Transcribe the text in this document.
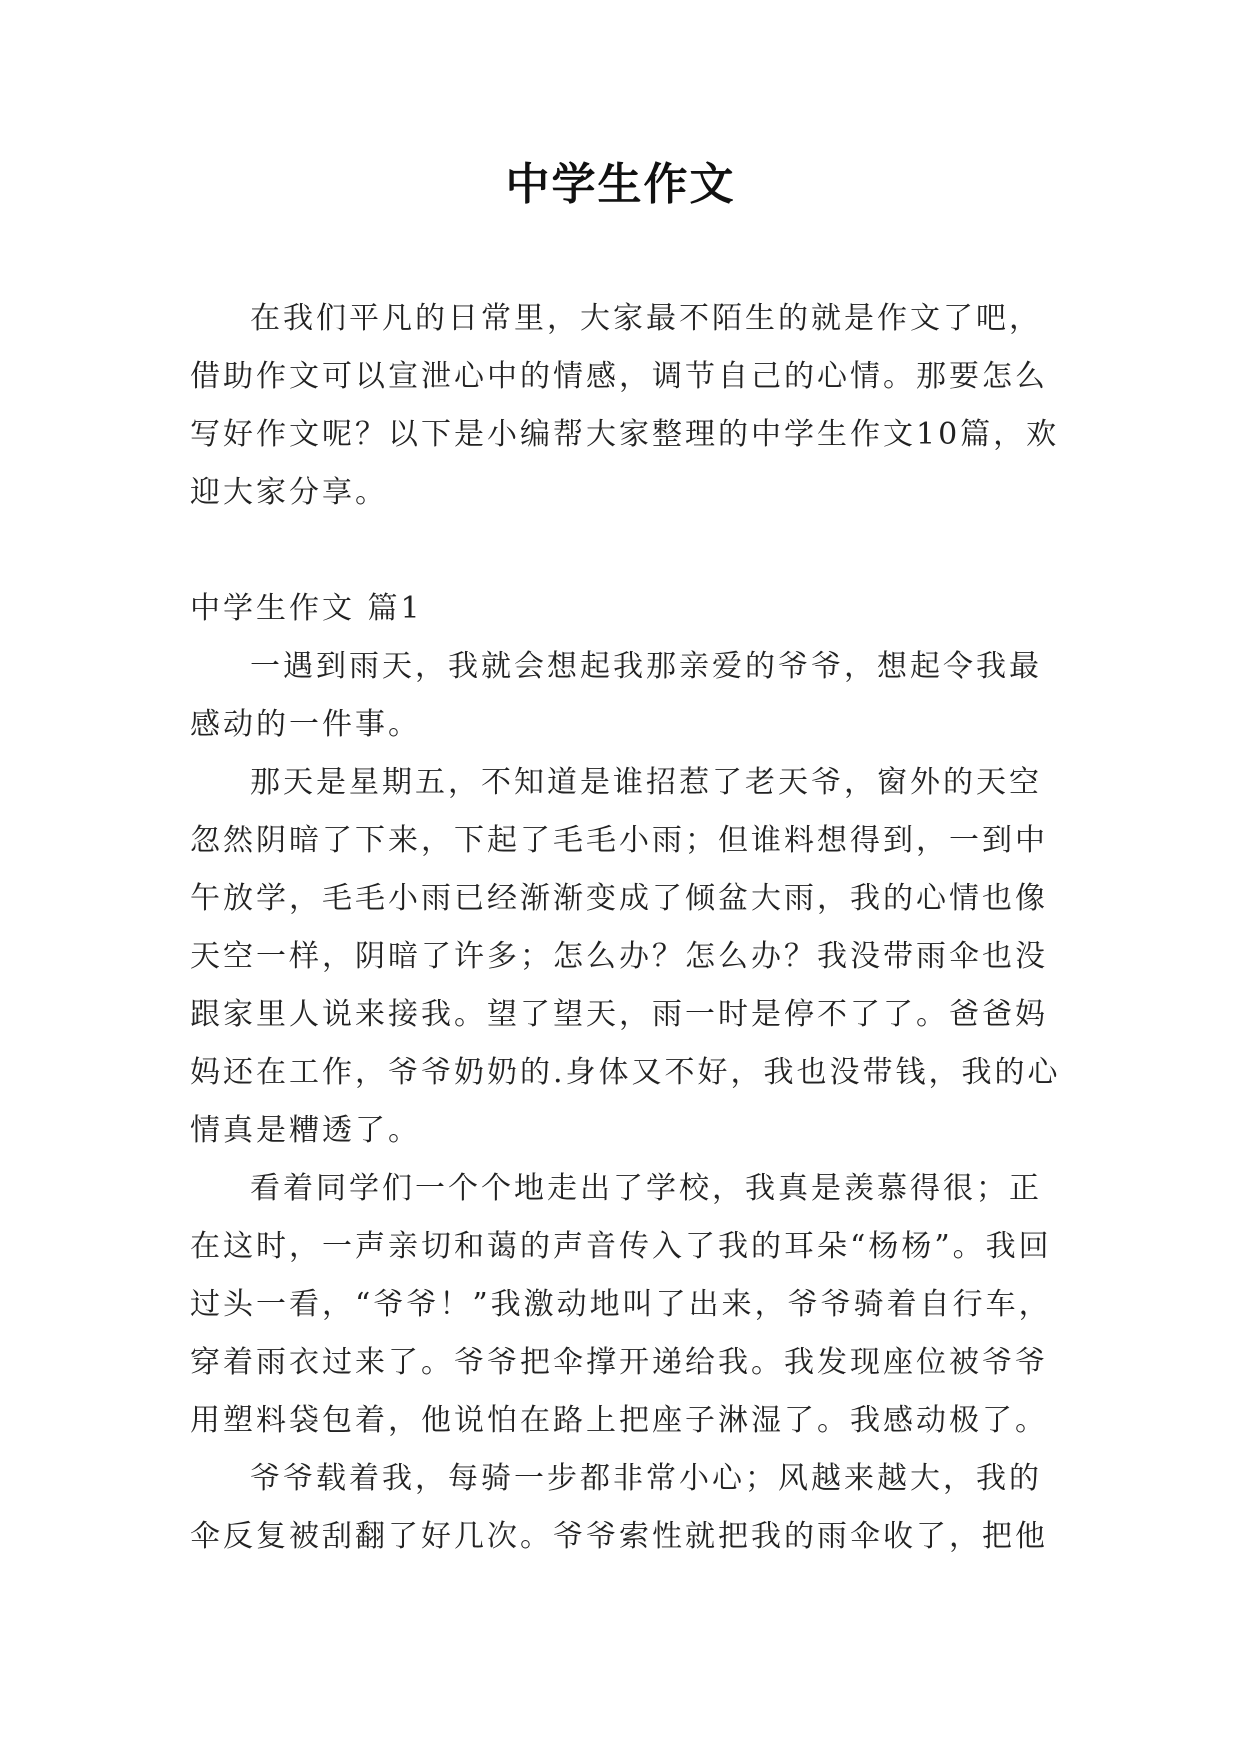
中学生作文

在我们平凡的日常里，大家最不陌生的就是作文了吧，借助作文可以宣泄心中的情感，调节自己的心情。那要怎么写好作文呢？以下是小编帮大家整理的中学生作文10篇，欢迎大家分享。

中学生作文 篇1

一遇到雨天，我就会想起我那亲爱的爷爷，想起令我最感动的一件事。

那天是星期五，不知道是谁招惹了老天爷，窗外的天空忽然阴暗了下来，下起了毛毛小雨；但谁料想得到，一到中午放学，毛毛小雨已经渐渐变成了倾盆大雨，我的心情也像天空一样，阴暗了许多；怎么办？怎么办？我没带雨伞也没跟家里人说来接我。望了望天，雨一时是停不了了。爸爸妈妈还在工作，爷爷奶奶的.身体又不好，我也没带钱，我的心情真是糟透了。

看着同学们一个个地走出了学校，我真是羡慕得很；正在这时，一声亲切和蔼的声音传入了我的耳朵“杨杨”。我回过头一看，“爷爷！”我激动地叫了出来，爷爷骑着自行车，穿着雨衣过来了。爷爷把伞撑开递给我。我发现座位被爷爷用塑料袋包着，他说怕在路上把座子淋湿了。我感动极了。

爷爷载着我，每骑一步都非常小心；风越来越大，我的伞反复被刮翻了好几次。爷爷索性就把我的雨伞收了，把他
